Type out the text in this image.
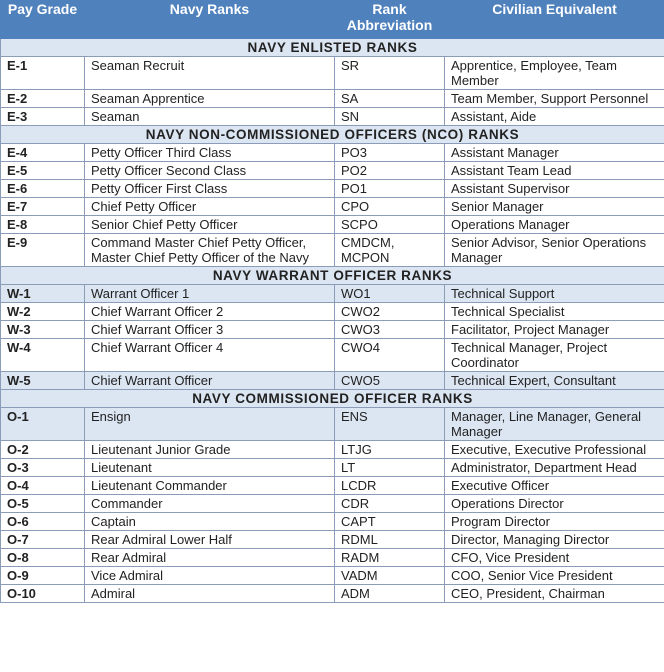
Pay Grade	Navy Ranks	Rank Abbreviation	Civilian Equivalent
NAVY ENLISTED RANKS			
E-1	Seaman Recruit	SR	Apprentice, Employee, Team Member
E-2	Seaman Apprentice	SA	Team Member, Support Personnel
E-3	Seaman	SN	Assistant, Aide
NAVY NON-COMMISSIONED OFFICERS (NCO) RANKS			
E-4	Petty Officer Third Class	PO3	Assistant Manager
E-5	Petty Officer Second Class	PO2	Assistant Team Lead
E-6	Petty Officer First Class	PO1	Assistant Supervisor
E-7	Chief Petty Officer	CPO	Senior Manager
E-8	Senior Chief Petty Officer	SCPO	Operations Manager
E-9	Command Master Chief Petty Officer, Master Chief Petty Officer of the Navy	CMDCM, MCPON	Senior Advisor, Senior Operations Manager
NAVY WARRANT OFFICER RANKS			
W-1	Warrant Officer 1	WO1	Technical Support
W-2	Chief Warrant Officer 2	CWO2	Technical Specialist
W-3	Chief Warrant Officer 3	CWO3	Facilitator, Project Manager
W-4	Chief Warrant Officer 4	CWO4	Technical Manager, Project Coordinator
W-5	Chief Warrant Officer	CWO5	Technical Expert, Consultant
NAVY COMMISSIONED OFFICER RANKS			
O-1	Ensign	ENS	Manager, Line Manager, General Manager
O-2	Lieutenant Junior Grade	LTJG	Executive, Executive Professional
O-3	Lieutenant	LT	Administrator, Department Head
O-4	Lieutenant Commander	LCDR	Executive Officer
O-5	Commander	CDR	Operations Director
O-6	Captain	CAPT	Program Director
O-7	Rear Admiral Lower Half	RDML	Director, Managing Director
O-8	Rear Admiral	RADM	CFO, Vice President
O-9	Vice Admiral	VADM	COO, Senior Vice President
O-10	Admiral	ADM	CEO, President, Chairman
